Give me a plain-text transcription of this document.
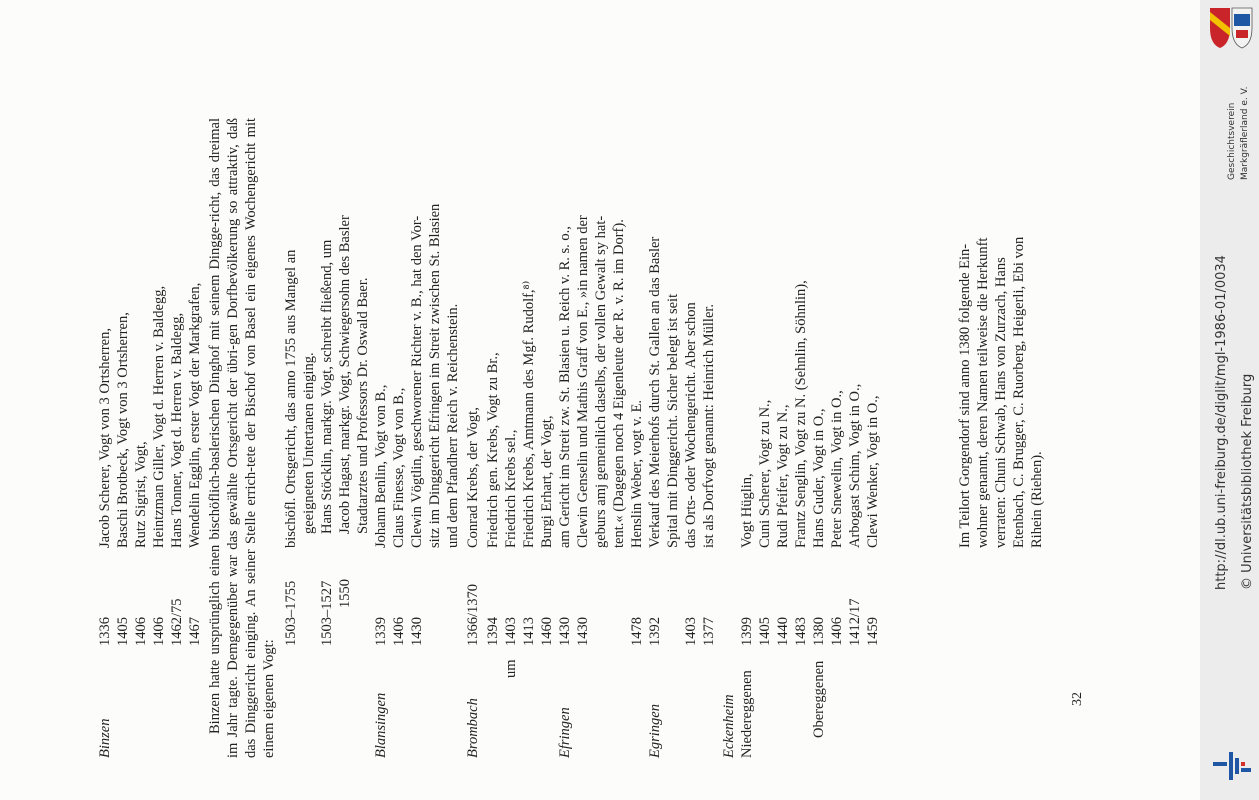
Binzen
1336
Jacob Scherer, Vogt von 3 Ortsherren,
1405
Baschi Brotbeck, Vogt von 3 Ortsherren,
1406
Rutz Sigrist, Vogt,
1406
Heintzman Giller, Vogt d. Herren v. Baldegg,
1462/75
Hans Tonner, Vogt d. Herren v. Baldegg,
1467
Wendelin Egglin, erster Vogt der Markgrafen, Binzen hatte ursprünglich einen bischöflich-baslerischen Dinghof mit seinem Dingge-richt, das dreimal im Jahr tagte. Demgegenüber war das gewählte Ortsgericht der übri-gen Dorfbevölkerung so attraktiv, daß das Dinggericht einging. An seiner Stelle errich-tete der Bischof von Basel ein eigenes Wochengericht mit einem eigenen Vogt:
1503–1755
bischöfl. Ortsgericht, das anno 1755 aus Mangel an geeigneten Untertanen einging.
1503–1527
Hans Stöcklin, markgr. Vogt, schreibt fließend, um
1550
Jacob Hagast, markgr. Vogt, Schwiegersohn des Basler Stadtarztes und Professors Dr. Oswald Baer.
Blansingen
1339
Johann Benlin, Vogt von B.,
1406
Claus Finesse, Vogt von B.,
1430
Clewin Vögtlin, geschworener Richter v. B., hat den Vor- sitz im Dinggericht Efringen im Streit zwischen St. Blasien und dem Pfandherr Reich v. Reichenstein.
Brombach
1366/1370
Conrad Krebs, der Vogt,
1394
Friedrich gen. Krebs, Vogt zu Br.,
um
1403
Friedrich Krebs sel.,
1413
Friedrich Krebs, Amtmann des Mgf. Rudolf,⁸⁾
1460
Burgi Erhart, der Vogt,
Efringen
1430
am Gericht im Streit zw. St. Blasien u. Reich v. R. s. o.,
1430
Clewin Genselin und Mathis Graff von E., »in namen der geburs amj gemeinlich daselbs, der vollen Gewalt sy hat- tent.« (Dagegen noch 4 Eigenleute der R. v. R. im Dorf).
1478
Henslin Weber, vogt v. E.
Egringen
1392
Verkauf des Meierhofs durch St. Gallen an das Basler Spital mit Dinggericht. Sicher belegt ist seit
1403
das Orts- oder Wochengericht. Aber schon
1377
ist als Dorfvogt genannt: Heinrich Müller.
Eckenheim Niedereggenen
1399
Vogt Hüglin,
1405
Cuni Scherer, Vogt zu N.,
1440
Rudi Pfeifer, Vogt zu N.,
1483
Frantz Senglin, Vogt zu N. (Sehnlin, Söhnlin),
Obereggenen
1380
Hans Guder, Vogt in O.,
1406
Peter Snewelin, Vogt in O.,
1412/17
Arbogast Schim, Vogt in O.,
1459
Clewi Wenker, Vogt in O.,	Im Teilort Gorgendorf sind anno 1380 folgende Ein- wohner genannt, deren Namen teilweise die Herkunft verraten: Chuni Schwab, Hans von Zurzach, Hans Etenbach, C. Brugger, C. Ruorberg, Heigerli, Ebi von Rihein (Riehen).
32
Geschichtsverein Markgräflerland e. V.
http://dl.ub.uni-freiburg.de/diglit/mgl-1986-01/0034 © Universitätsbibliothek Freiburg
